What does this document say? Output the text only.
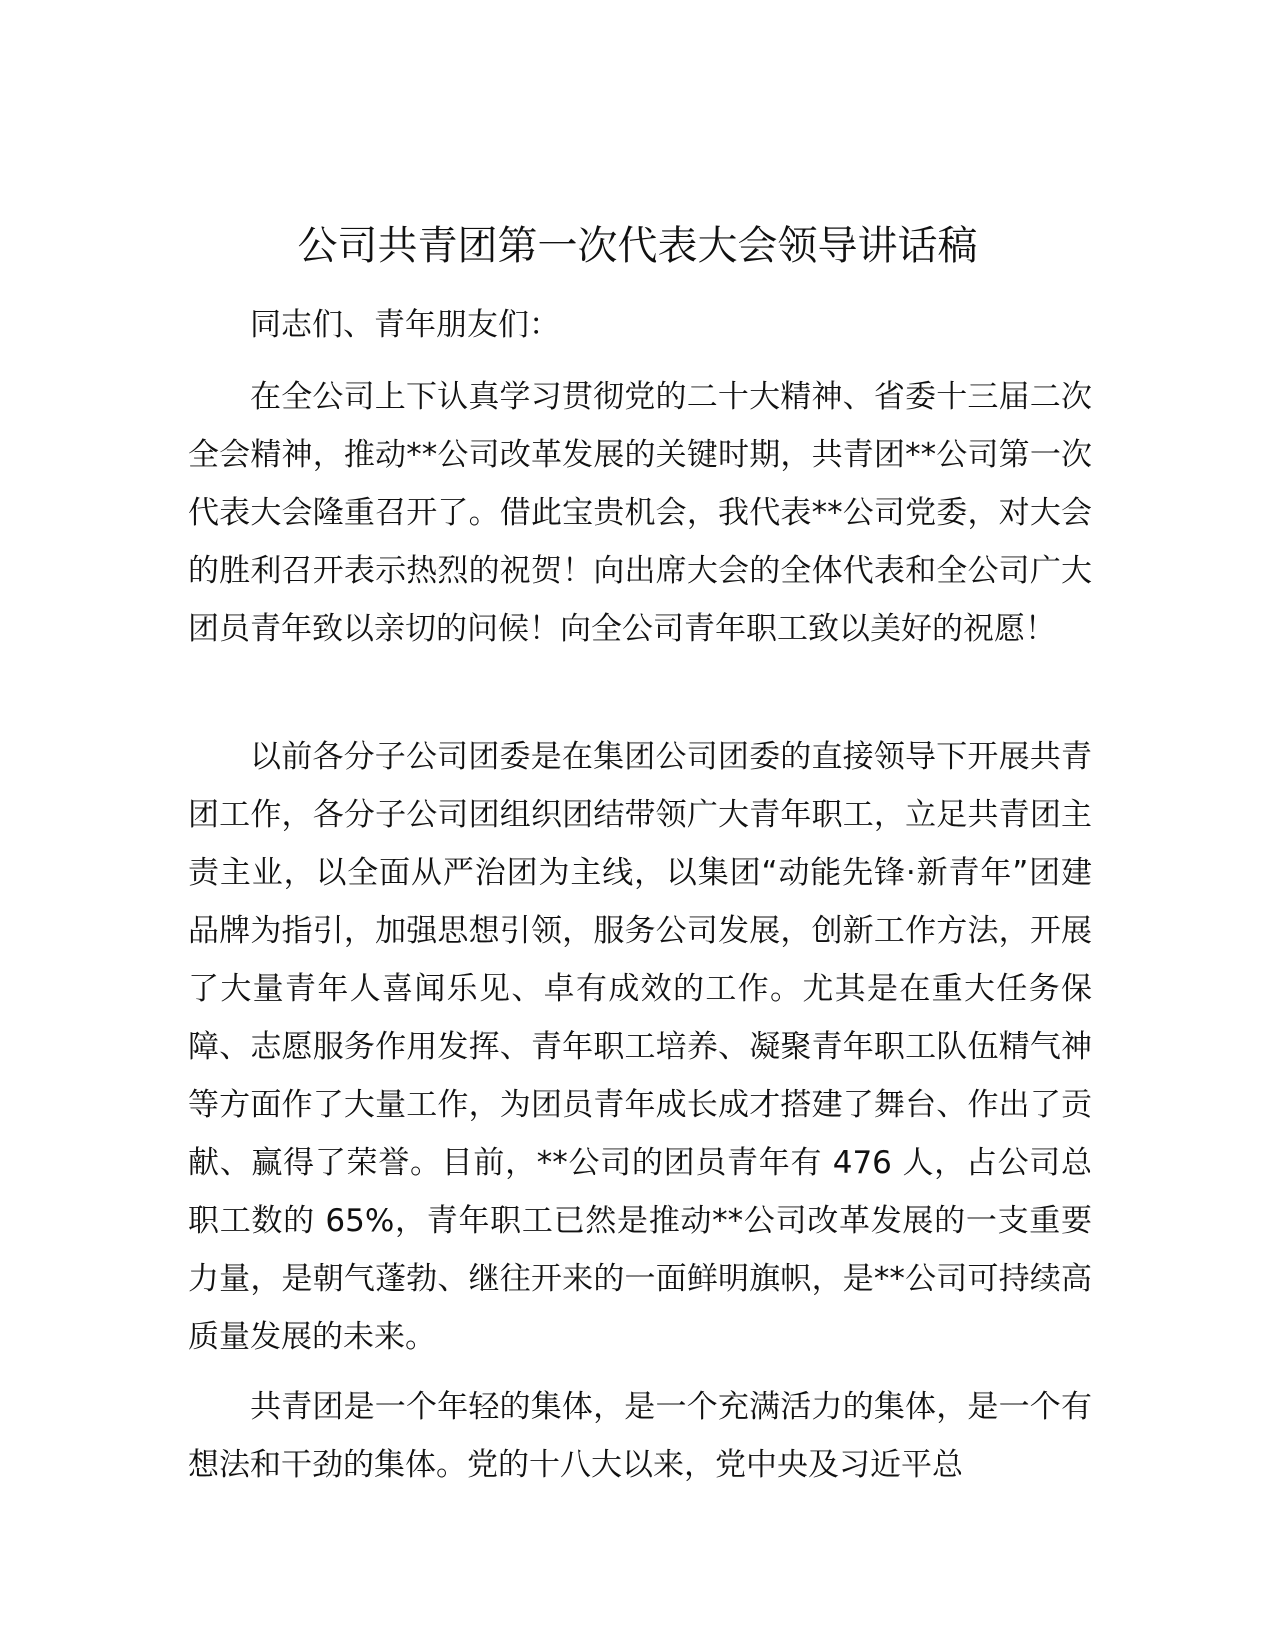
公司共青团第一次代表大会领导讲话稿

同志们、青年朋友们：

在全公司上下认真学习贯彻党的二十大精神、省委十三届二次全会精神，推动**公司改革发展的关键时期，共青团**公司第一次代表大会隆重召开了。借此宝贵机会，我代表**公司党委，对大会的胜利召开表示热烈的祝贺！向出席大会的全体代表和全公司广大团员青年致以亲切的问候！向全公司青年职工致以美好的祝愿！

以前各分子公司团委是在集团公司团委的直接领导下开展共青团工作，各分子公司团组织团结带领广大青年职工，立足共青团主责主业，以全面从严治团为主线，以集团“动能先锋·新青年”团建品牌为指引，加强思想引领，服务公司发展，创新工作方法，开展了大量青年人喜闻乐见、卓有成效的工作。尤其是在重大任务保障、志愿服务作用发挥、青年职工培养、凝聚青年职工队伍精气神等方面作了大量工作，为团员青年成长成才搭建了舞台、作出了贡献、赢得了荣誉。目前，**公司的团员青年有 476 人，占公司总职工数的 65%，青年职工已然是推动**公司改革发展的一支重要力量，是朝气蓬勃、继往开来的一面鲜明旗帜，是**公司可持续高质量发展的未来。

共青团是一个年轻的集体，是一个充满活力的集体，是一个有想法和干劲的集体。党的十八大以来，党中央及习近平总
